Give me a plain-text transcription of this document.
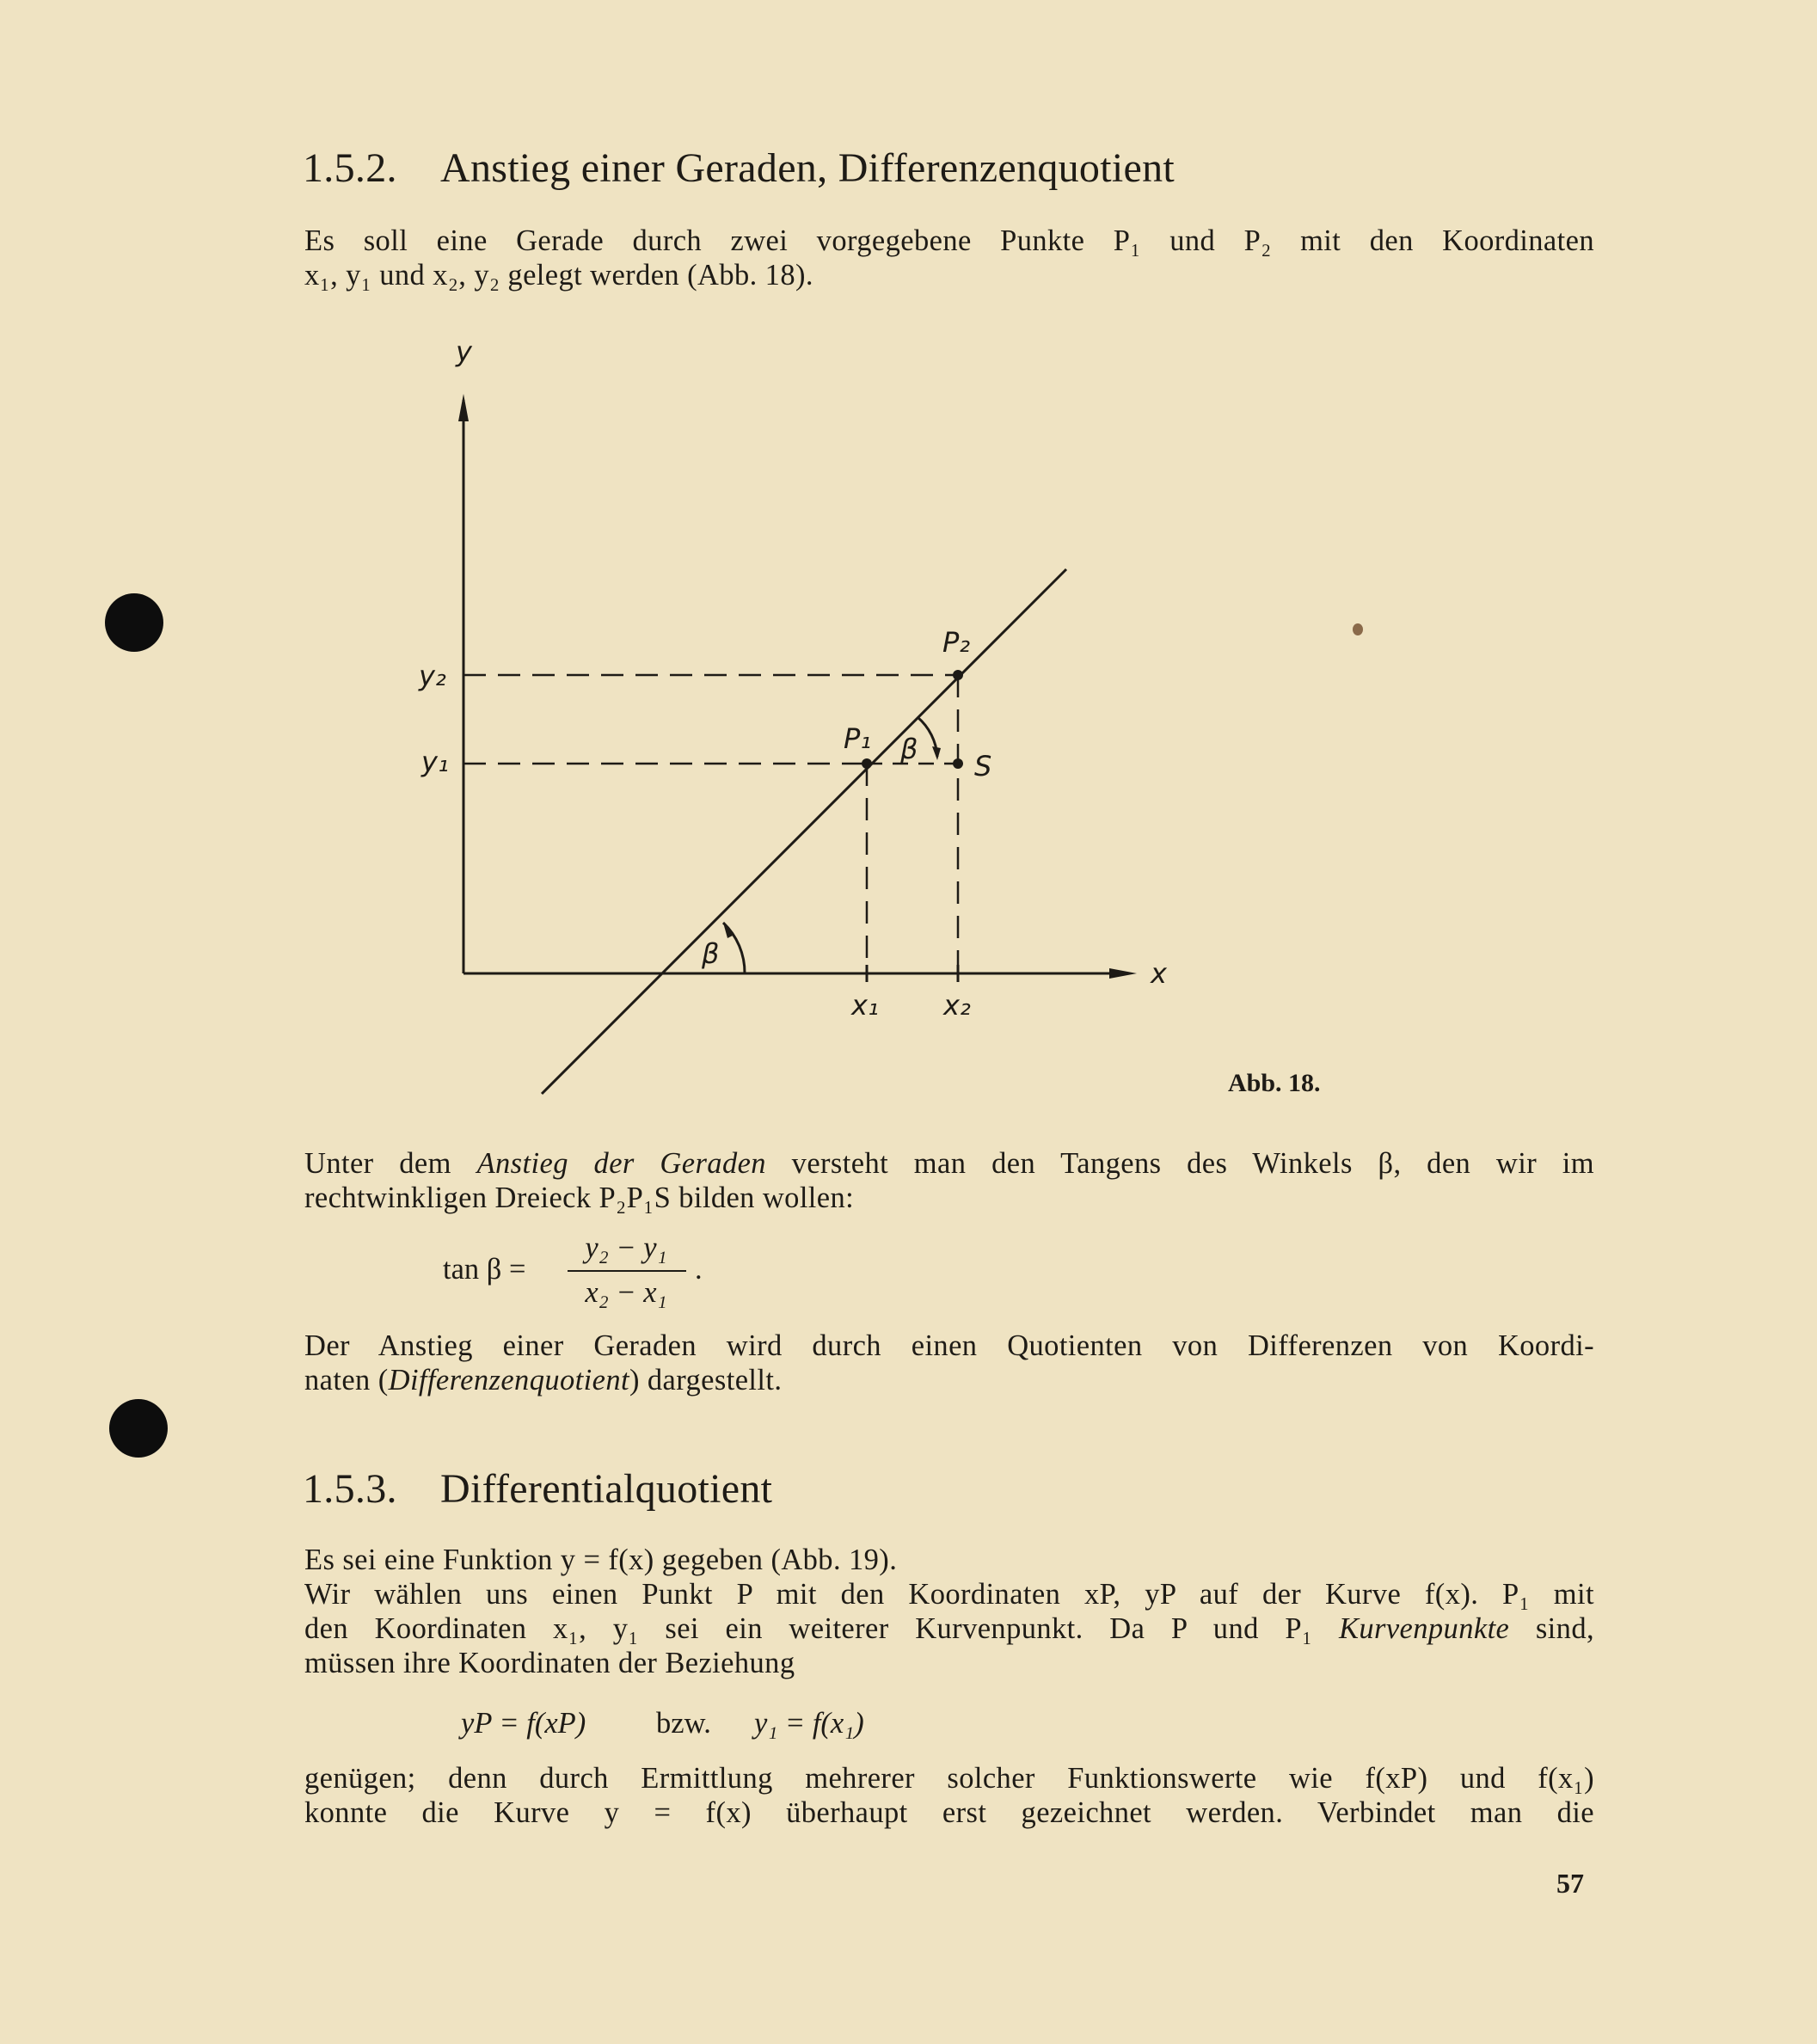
1.5.2. Anstieg einer Geraden, Differenzenquotient
Es soll eine Gerade durch zwei vorgegebene Punkte P₁ und P₂ mit den Koordinaten
x₁, y₁ und x₂, y₂ gelegt werden (Abb. 18).
y
x
y₂
y₁
x₁ x₂
P₁
P₂
S
β
β
Abb. 18.
Unter dem Anstieg der Geraden versteht man den Tangens des Winkels β, den wir im
rechtwinkligen Dreieck P₂P₁S bilden wollen:
tan β =
y₂ − y₁
x₂ − x₁
.
Der Anstieg einer Geraden wird durch einen Quotienten von Differenzen von Koordi-
naten (Differenzenquotient) dargestellt.
1.5.3. Differentialquotient
Es sei eine Funktion y = f(x) gegeben (Abb. 19).
Wir wählen uns einen Punkt P mit den Koordinaten xP, yP auf der Kurve f(x). P₁ mit
den Koordinaten x₁, y₁ sei ein weiterer Kurvenpunkt. Da P und P₁ Kurvenpunkte sind,
müssen ihre Koordinaten der Beziehung
yP = f(xP) bzw. y₁ = f(x₁)
genügen; denn durch Ermittlung mehrerer solcher Funktionswerte wie f(xP) und f(x₁)
konnte die Kurve y = f(x) überhaupt erst gezeichnet werden. Verbindet man die
57
